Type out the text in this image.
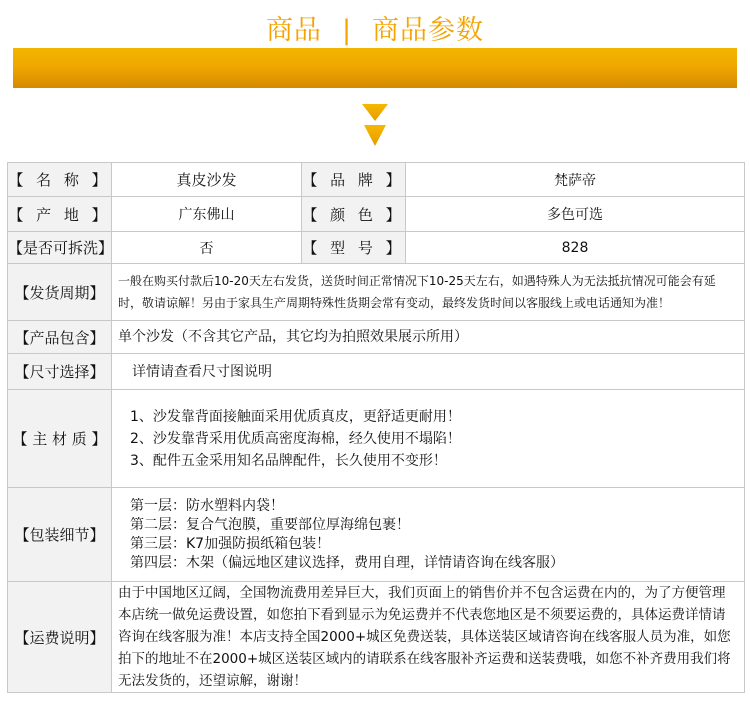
商品 | 商品参数
【 名 称 】	真皮沙发	【 品 牌 】	梵萨帝
【 产 地 】	广东佛山	【 颜 色 】	多色可选
【是否可拆洗】	否	【 型 号 】	828
【发货周期】	一般在购买付款后10-20天左右发货，送货时间正常情况下10-25天左右，如遇特殊人为无法抵抗情况可能会有延时，敬请谅解！另由于家具生产周期特殊性货期会常有变动，最终发货时间以客服线上或电话通知为准！		

【产品包含】	单个沙发（不含其它产品，其它均为拍照效果展示所用）		

【尺寸选择】	详情请查看尺寸图说明		

【 主 材 质 】	1、沙发靠背面接触面采用优质真皮，更舒适更耐用！
2、沙发靠背采用优质高密度海棉，经久使用不塌陷！
3、配件五金采用知名品牌配件，长久使用不变形！		

【包装细节】	第一层：防水塑料内袋！
第二层：复合气泡膜，重要部位厚海绵包裹！
第三层：K7加强防损纸箱包装！
第四层：木架（偏远地区建议选择，费用自理，详情请咨询在线客服）		

【运费说明】	由于中国地区辽阔，全国物流费用差异巨大，我们页面上的销售价并不包含运费在内的，为了方便管理本店统一做免运费设置，如您拍下看到显示为免运费并不代表您地区是不须要运费的，具体运费详情请咨询在线客服为准！本店支持全国2000+城区免费送装，具体送装区域请咨询在线客服人员为准，如您拍下的地址不在2000+城区送装区域内的请联系在线客服补齐运费和送装费哦，如您不补齐费用我们将无法发货的，还望谅解，谢谢！		
